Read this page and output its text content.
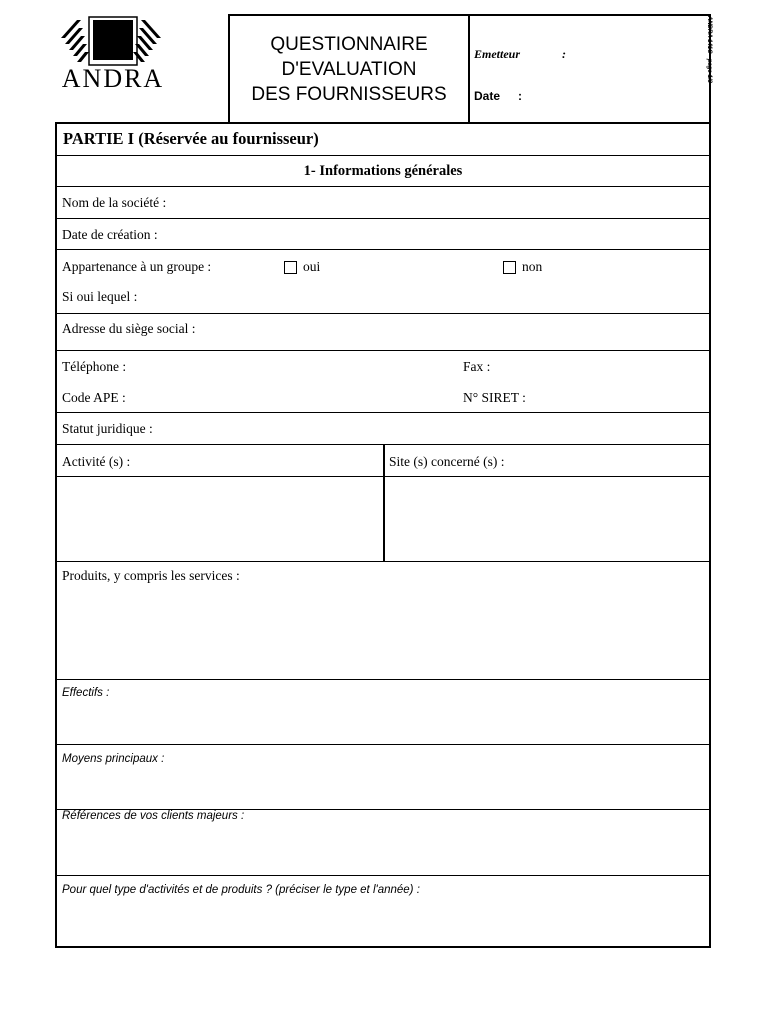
ANDRA
QUESTIONNAIRE
D'EVALUATION
DES FOURNISSEURS
Emetteur	:
Date :
ANDRA 141C - page 1/3
PARTIE I (Réservée au fournisseur)
1- Informations générales
Nom de la société :
Date de création :
Appartenance à un groupe :	oui	non
Si oui lequel :
Adresse du siège social :
Téléphone :	Fax :
Code APE :	N° SIRET :
Statut juridique :
Activité (s) :	Site (s) concerné (s) :
Produits, y compris les services :
Effectifs :
Moyens principaux :
Références de vos clients majeurs :
Pour quel type d'activités et de produits ? (préciser le type et l'année) :
